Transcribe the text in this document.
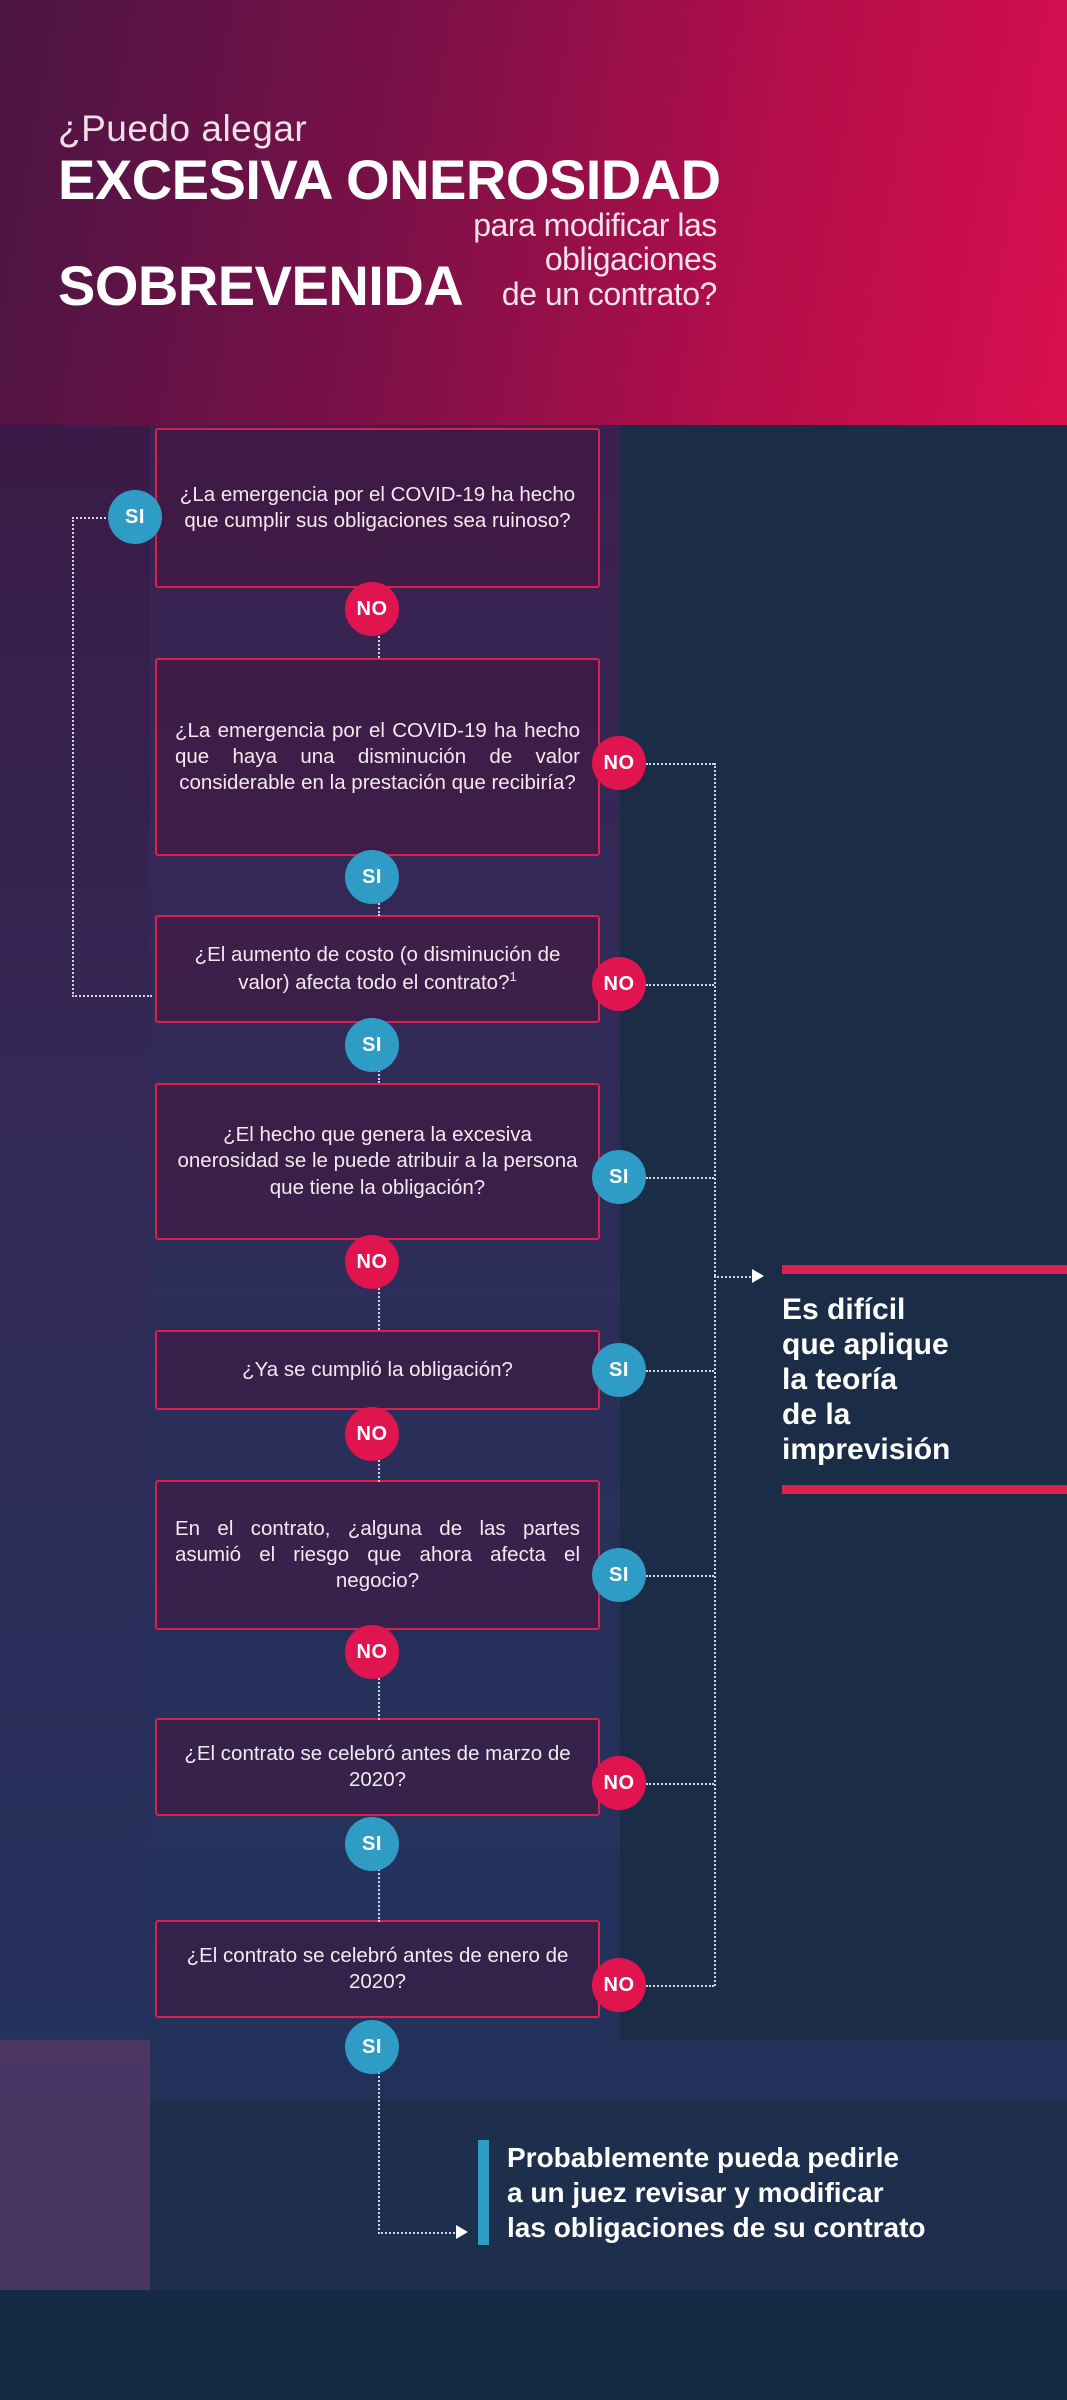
¿Puedo alegar
EXCESIVA ONEROSIDAD
SOBREVENIDA
para modificar las
obligaciones
de un contrato?
¿La emergencia por el COVID-19 ha hecho que cumplir sus obligaciones sea ruinoso?
SI
NO
¿La emergencia por el COVID-19 ha hecho que haya una disminución de valor considerable en la prestación que recibiría?
NO
SI
¿El aumento de costo (o disminución de valor) afecta todo el contrato?$^1$	NO
SI
¿El hecho que genera la excesiva onerosidad se le puede atribuir a la persona que tiene la obligación?	SI
NO
¿Ya se cumplió la obligación?	SI
NO
En el contrato, ¿alguna de las partes asumió el riesgo que ahora afecta el negocio?	SI
NO
¿El contrato se celebró antes de marzo de 2020?	NO
SI
¿El contrato se celebró antes de enero de 2020?	NO
SI
Es difícil
que aplique
la teoría
de la
imprevisión
Probablemente pueda pedirle
a un juez revisar y modificar
las obligaciones de su contrato
